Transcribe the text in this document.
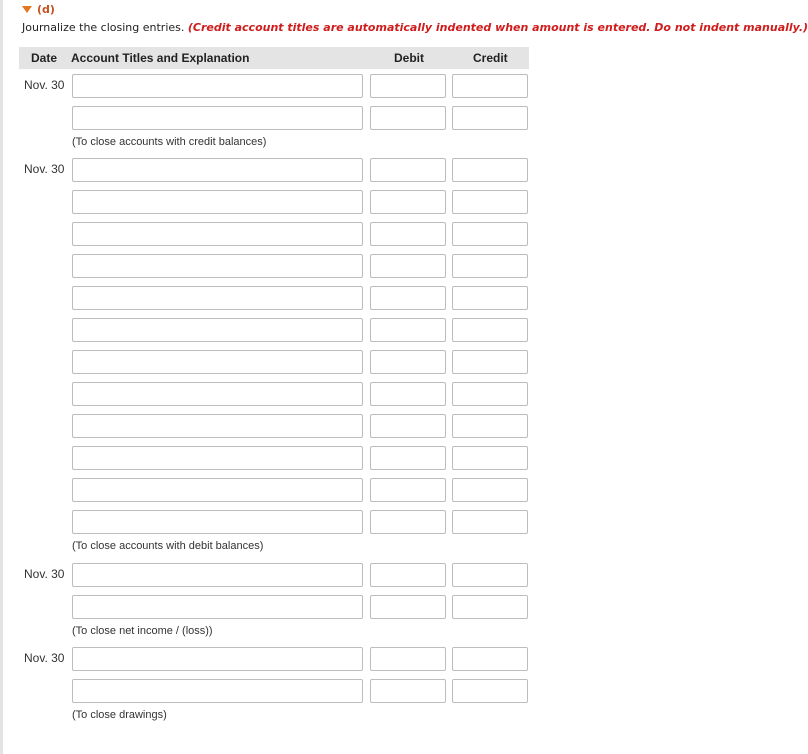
(d)
Journalize the closing entries. (Credit account titles are automatically indented when amount is entered. Do not indent manually.)
Date Account Titles and Explanation	Debit	Credit
Nov. 30
(To close accounts with credit balances)
Nov. 30
(To close accounts with debit balances)
Nov. 30
(To close net income / (loss))
Nov. 30
(To close drawings)
